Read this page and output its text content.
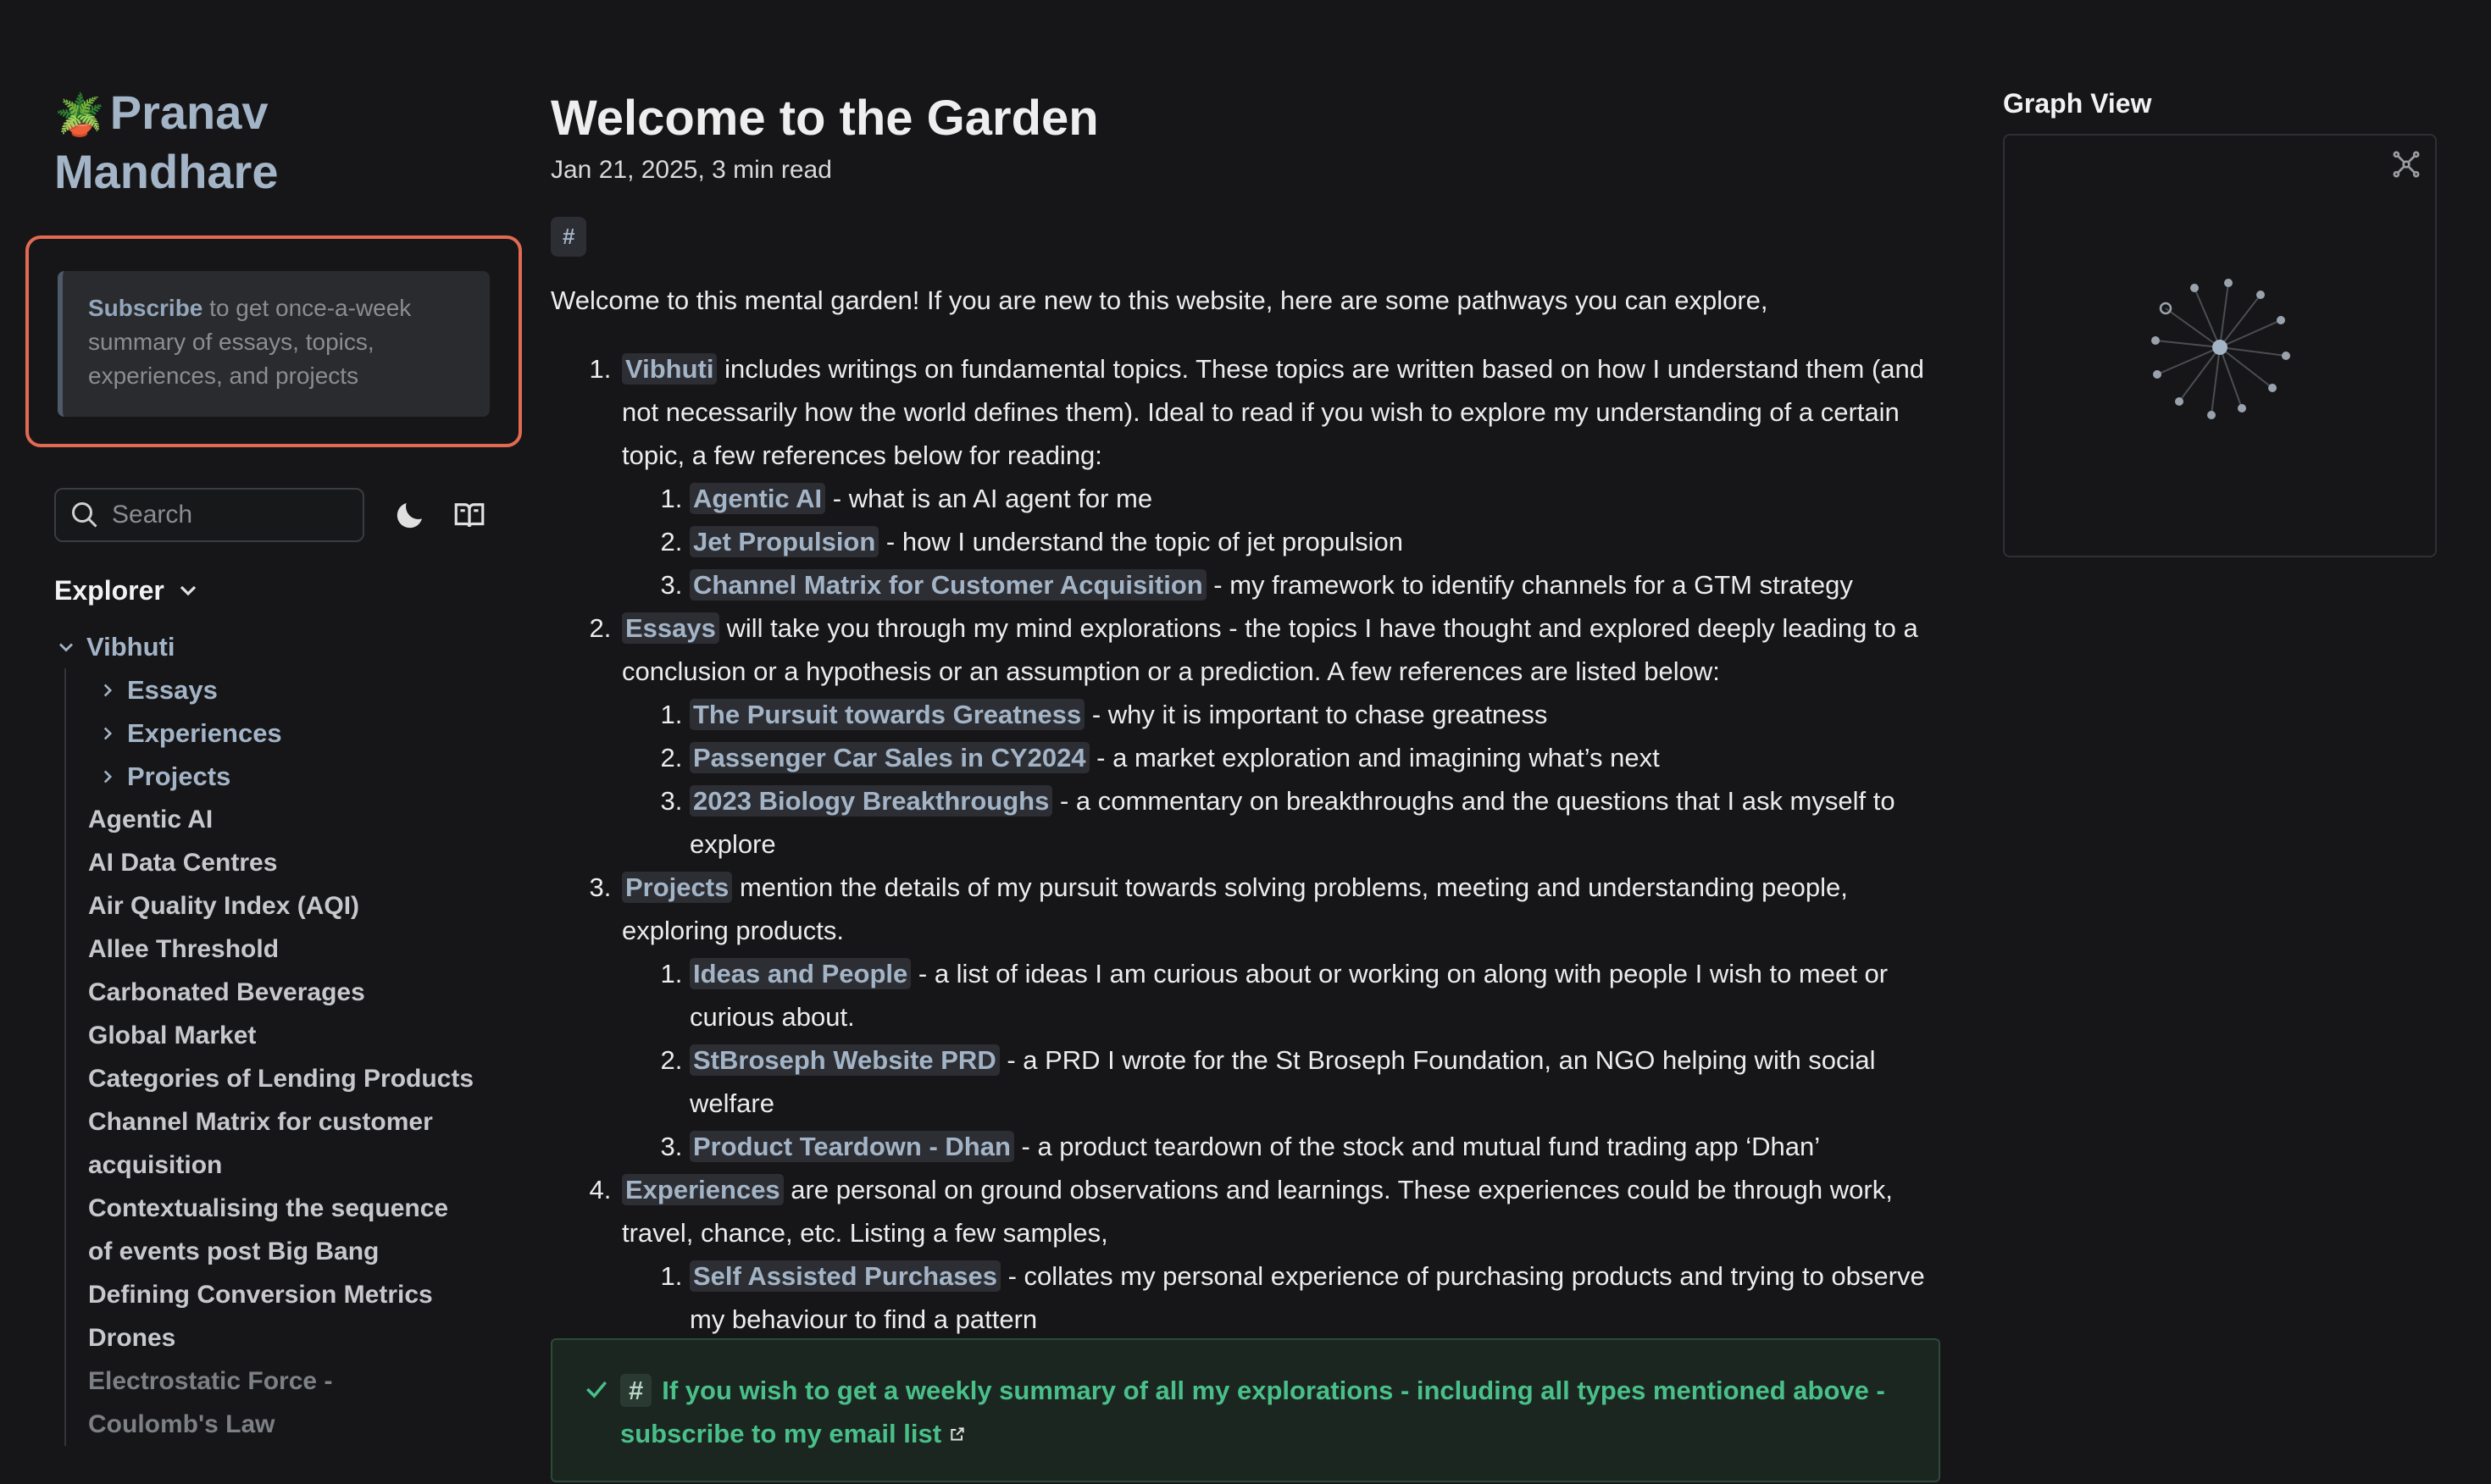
🪴 Pranav
Mandhare
Subscribe to get once-a-week summary of essays, topics, experiences, and projects
Search
Explorer
Vibhuti
Essays
Experiences
Projects
Agentic AI
AI Data Centres
Air Quality Index (AQI)
Allee Threshold
Carbonated Beverages
Global Market
Categories of Lending Products
Channel Matrix for customer acquisition
Contextualising the sequence of events post Big Bang
Defining Conversion Metrics
Drones
Electrostatic Force - Coulomb's Law
Welcome to the Garden
Jan 21, 2025, 3 min read
#

Welcome to this mental garden! If you are new to this website, here are some pathways you can explore,

1. Vibhuti includes writings on fundamental topics. These topics are written based on how I understand them (and not necessarily how the world defines them). Ideal to read if you wish to explore my understanding of a certain topic, a few references below for reading:
1. Agentic AI - what is an AI agent for me
2. Jet Propulsion - how I understand the topic of jet propulsion
3. Channel Matrix for Customer Acquisition - my framework to identify channels for a GTM strategy
2. Essays will take you through my mind explorations - the topics I have thought and explored deeply leading to a conclusion or a hypothesis or an assumption or a prediction. A few references are listed below:
1. The Pursuit towards Greatness - why it is important to chase greatness
2. Passenger Car Sales in CY2024 - a market exploration and imagining what’s next
3. 2023 Biology Breakthroughs - a commentary on breakthroughs and the questions that I ask myself to explore
3. Projects mention the details of my pursuit towards solving problems, meeting and understanding people, exploring products.
1. Ideas and People - a list of ideas I am curious about or working on along with people I wish to meet or curious about.
2. StBroseph Website PRD - a PRD I wrote for the St Broseph Foundation, an NGO helping with social welfare
3. Product Teardown - Dhan - a product teardown of the stock and mutual fund trading app ‘Dhan’
4. Experiences are personal on ground observations and learnings. These experiences could be through work, travel, chance, etc. Listing a few samples,
1. Self Assisted Purchases - collates my personal experience of purchasing products and trying to observe my behaviour to find a pattern
2.
# If you wish to get a weekly summary of all my explorations - including all types mentioned above - subscribe to my email list
Graph View
